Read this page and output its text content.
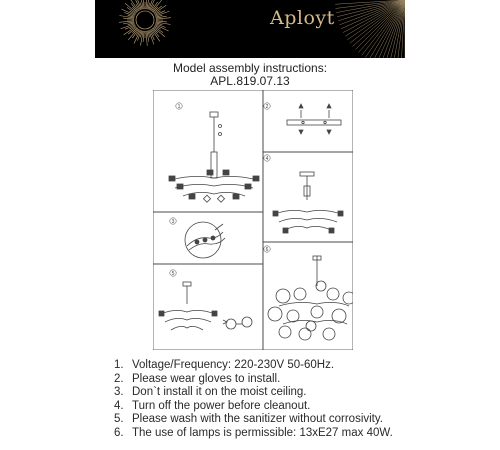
Aployt
Model assembly instructions:
APL.819.07.13
1	2
3
4
5
6
1. Voltage/Frequency: 220-230V 50-60Hz.
2. Please wear gloves to install.
3. Don`t install it on the moist ceiling.
4. Turn off the power before cleanout.
5. Please wash with the sanitizer without corrosivity.
6. The use of lamps is permissible: 13xE27 max 40W.
